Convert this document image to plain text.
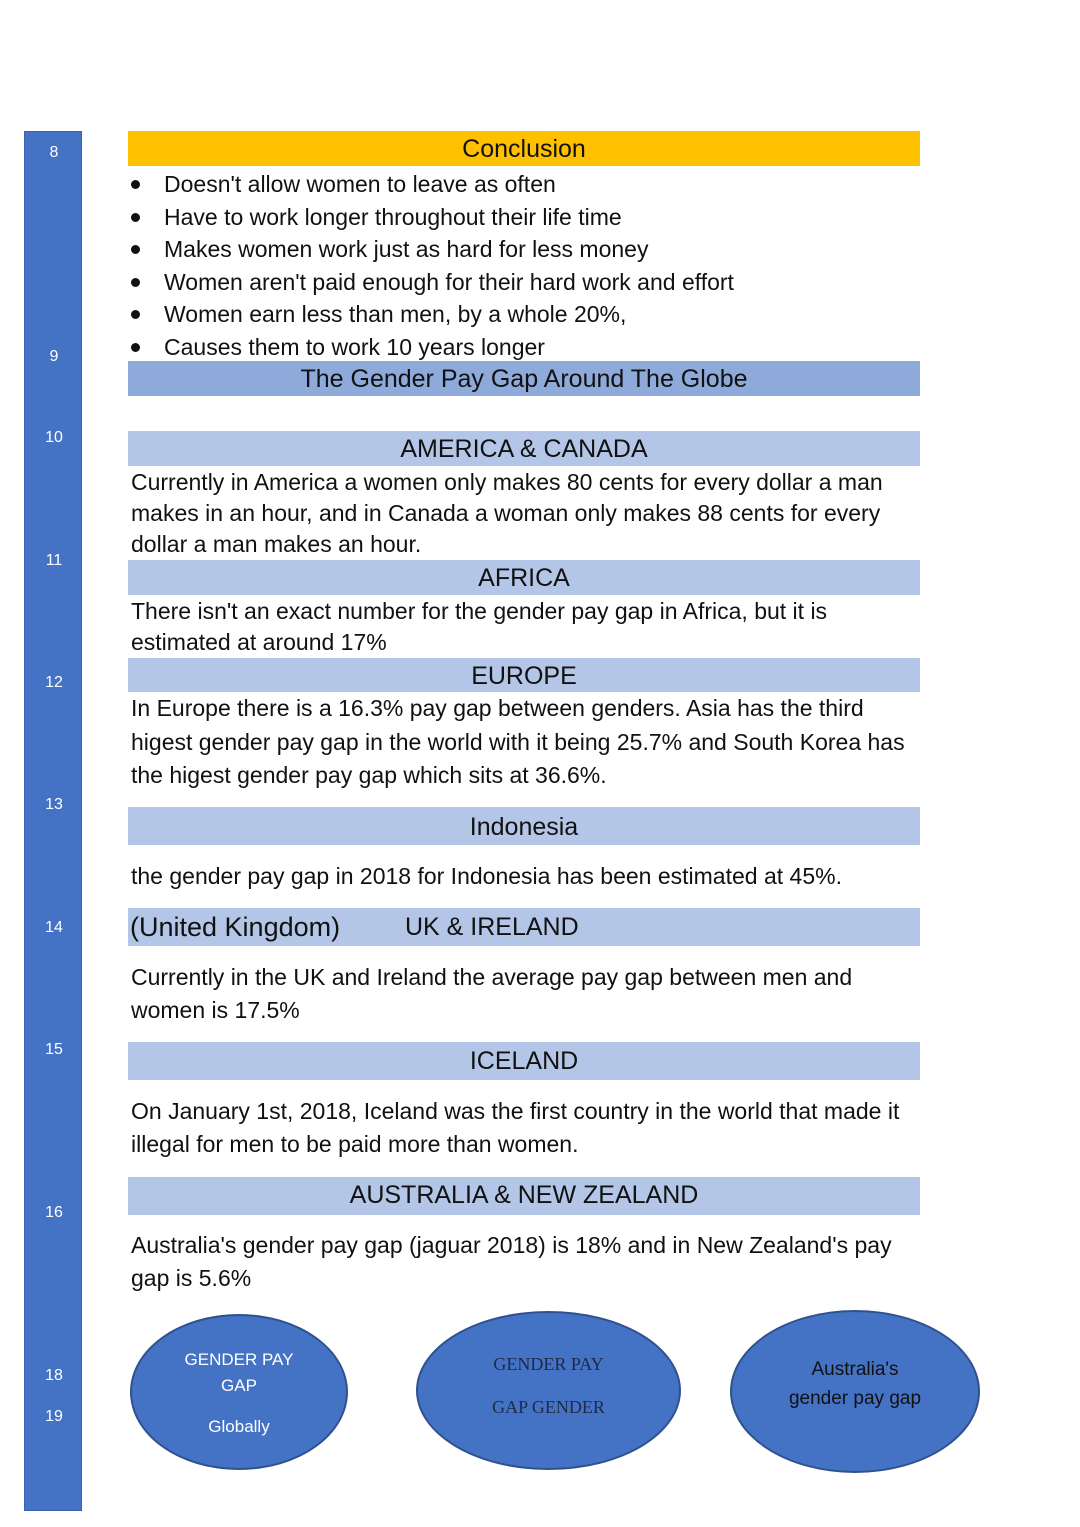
8
9
10
11
12
13
14
15
16
18
19
Conclusion
Doesn't allow women to leave as often
Have to work longer throughout their life time
Makes women work just as hard for less money
Women aren't paid enough for their hard work and effort
Women earn less than men, by a whole 20%,
Causes them to work 10 years longer
The Gender Pay Gap Around The Globe
AMERICA & CANADA
Currently in America a women only makes 80 cents for every dollar a man
makes in an hour, and in Canada a woman only makes 88 cents for every
dollar a man makes an hour.
AFRICA
There isn't an exact number for the gender pay gap in Africa, but it is
estimated at around 17%
EUROPE
In Europe there is a 16.3% pay gap between genders. Asia has the third
higest gender pay gap in the world with it being 25.7% and South Korea has
the higest gender pay gap which sits at 36.6%.
Indonesia
the gender pay gap in 2018 for Indonesia has been estimated at 45%.
(United Kingdom)	UK & IRELAND
Currently in the UK and Ireland the average pay gap between men and
women is 17.5%
ICELAND
On January 1st, 2018, Iceland was the first country in the world that made it
illegal for men to be paid more than women.
AUSTRALIA & NEW ZEALAND
Australia's gender pay gap (jaguar 2018) is 18% and in New Zealand's pay
gap is 5.6%
GENDER PAY
GAP
Globally
GENDER PAY
GAP GENDER
Australia's
gender pay gap
